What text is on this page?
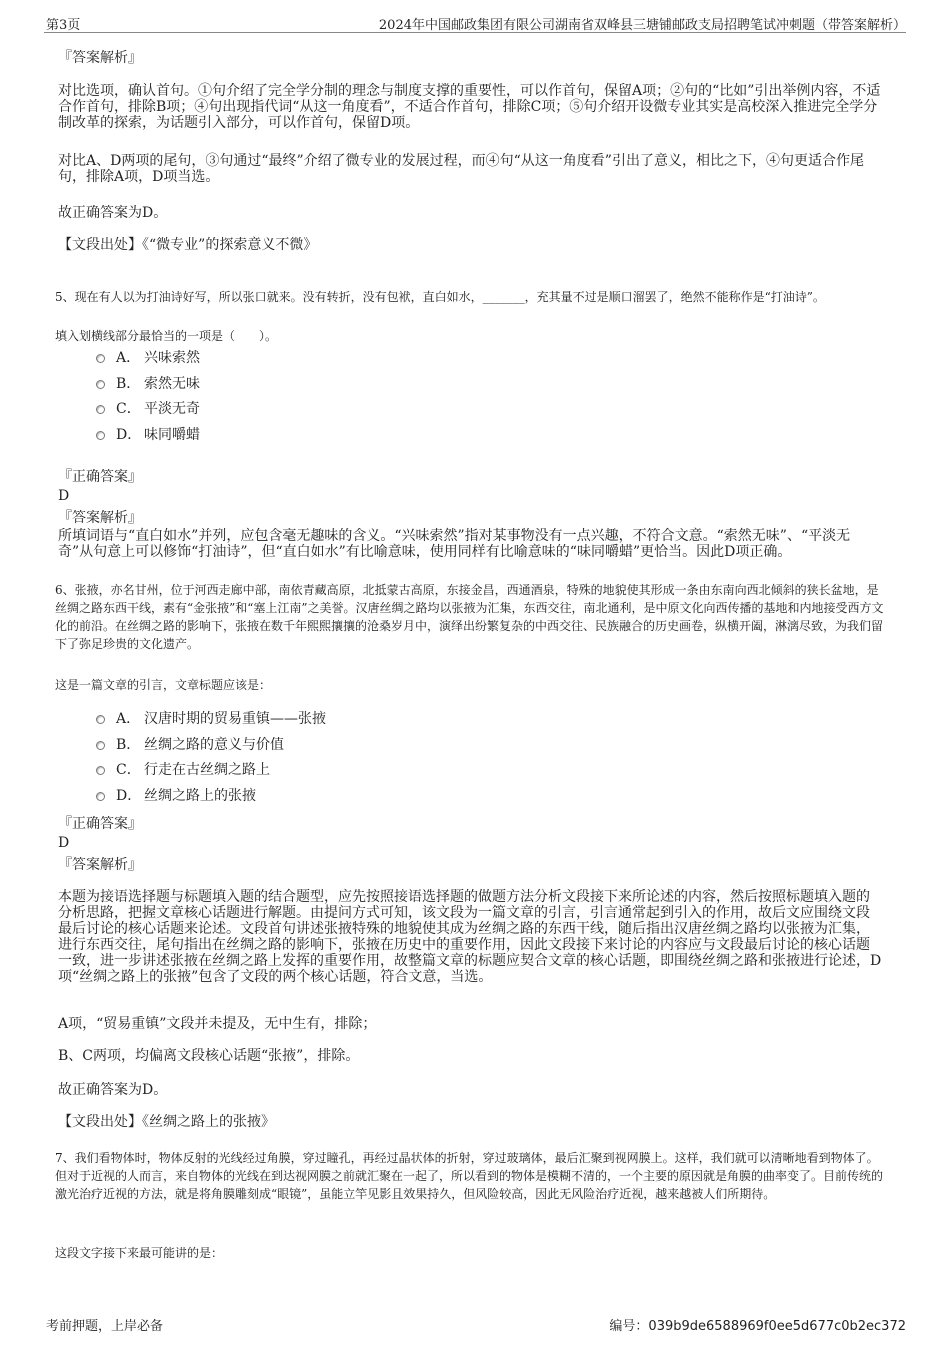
第3页	2024年中国邮政集团有限公司湖南省双峰县三塘铺邮政支局招聘笔试冲刺题（带答案解析）
『答案解析』
对比选项，确认首句。①句介绍了完全学分制的理念与制度支撑的重要性，可以作首句，保留A项；②句的“比如”引出举例内容，不适合作首句，排除B项；④句出现指代词“从这一角度看”，不适合作首句，排除C项；⑤句介绍开设微专业其实是高校深入推进完全学分制改革的探索，为话题引入部分，可以作首句，保留D项。
对比A、D两项的尾句，③句通过“最终”介绍了微专业的发展过程，而④句“从这一角度看”引出了意义，相比之下，④句更适合作尾句，排除A项，D项当选。
故正确答案为D。
【文段出处】《“微专业”的探索意义不微》
5、现在有人以为打油诗好写，所以张口就来。没有转折，没有包袱，直白如水，_______，充其量不过是顺口溜罢了，绝然不能称作是“打油诗”。
填入划横线部分最恰当的一项是（　　）。
A． 兴味索然
B． 索然无味
C． 平淡无奇
D． 味同嚼蜡
『正确答案』
D
『答案解析』
所填词语与“直白如水”并列，应包含毫无趣味的含义。“兴味索然”指对某事物没有一点兴趣，不符合文意。“索然无味”、“平淡无奇”从句意上可以修饰“打油诗”，但“直白如水”有比喻意味，使用同样有比喻意味的“味同嚼蜡”更恰当。因此D项正确。
6、张掖，亦名甘州，位于河西走廊中部，南依青藏高原，北抵蒙古高原，东接金昌，西通酒泉，特殊的地貌使其形成一条由东南向西北倾斜的狭长盆地，是丝绸之路东西干线，素有“金张掖”和“塞上江南”之美誉。汉唐丝绸之路均以张掖为汇集，东西交往，南北通利，是中原文化向西传播的基地和内地接受西方文化的前沿。在丝绸之路的影响下，张掖在数千年熙熙攘攘的沧桑岁月中，演绎出纷繁复杂的中西交往、民族融合的历史画卷，纵横开阖，淋漓尽致，为我们留下了弥足珍贵的文化遗产。
这是一篇文章的引言，文章标题应该是：
A． 汉唐时期的贸易重镇——张掖
B． 丝绸之路的意义与价值
C． 行走在古丝绸之路上
D． 丝绸之路上的张掖
『正确答案』
D
『答案解析』
本题为接语选择题与标题填入题的结合题型，应先按照接语选择题的做题方法分析文段接下来所论述的内容，然后按照标题填入题的分析思路，把握文章核心话题进行解题。由提问方式可知，该文段为一篇文章的引言，引言通常起到引入的作用，故后文应围绕文段最后讨论的核心话题来论述。文段首句讲述张掖特殊的地貌使其成为丝绸之路的东西干线，随后指出汉唐丝绸之路均以张掖为汇集，进行东西交往，尾句指出在丝绸之路的影响下，张掖在历史中的重要作用，因此文段接下来讨论的内容应与文段最后讨论的核心话题一致，进一步讲述张掖在丝绸之路上发挥的重要作用，故整篇文章的标题应契合文章的核心话题，即围绕丝绸之路和张掖进行论述，D项“丝绸之路上的张掖”包含了文段的两个核心话题，符合文意，当选。
A项，“贸易重镇”文段并未提及，无中生有，排除；
B、C两项，均偏离文段核心话题“张掖”，排除。
故正确答案为D。
【文段出处】《丝绸之路上的张掖》
7、我们看物体时，物体反射的光线经过角膜，穿过瞳孔，再经过晶状体的折射，穿过玻璃体，最后汇聚到视网膜上。这样，我们就可以清晰地看到物体了。但对于近视的人而言，来自物体的光线在到达视网膜之前就汇聚在一起了，所以看到的物体是模糊不清的，一个主要的原因就是角膜的曲率变了。目前传统的激光治疗近视的方法，就是将角膜雕刻成“眼镜”，虽能立竿见影且效果持久，但风险较高，因此无风险治疗近视，越来越被人们所期待。
这段文字接下来最可能讲的是：
考前押题，上岸必备	编号：039b9de6588969f0ee5d677c0b2ec372
